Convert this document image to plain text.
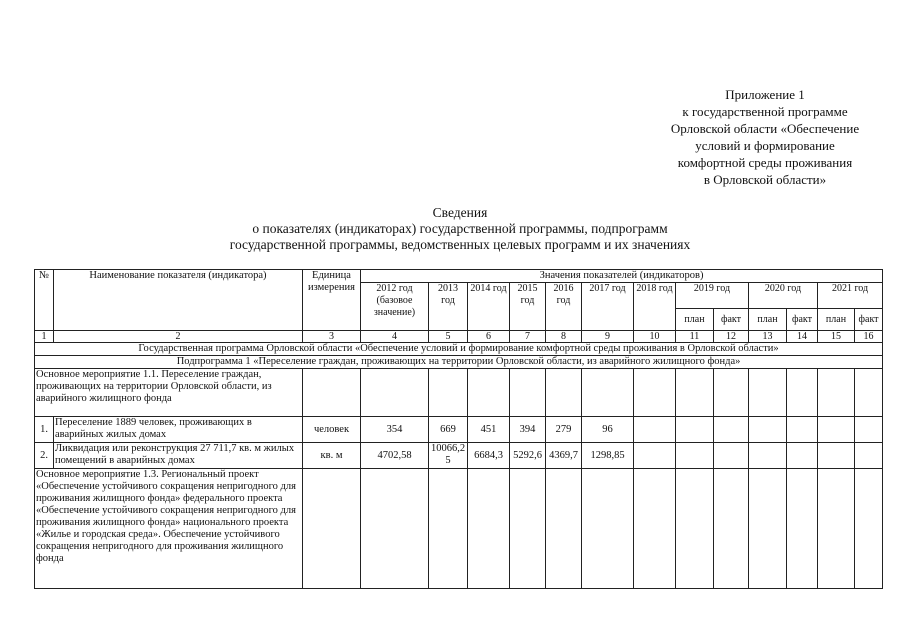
Приложение 1
к государственной программе
Орловской области «Обеспечение
условий и формирование
комфортной среды проживания
в Орловской области»
Сведения
о показателях (индикаторах) государственной программы, подпрограмм
государственной программы, ведомственных целевых программ и их значениях
№	Наименование показателя (индикатора)	Единица измерения	Значения показателей (индикаторов)												
			2012 год (базовое значение)	2013 год	2014 год	2015 год	2016 год	2017 год	2018 год	2019 год		2020 год		2021 год	
										план	факт	план	факт	план	факт
1	2	3	4	5	6	7	8	9	10	11	12	13	14	15	16
Государственная программа Орловской области «Обеспечение условий и формирование комфортной среды проживания в Орловской области»															
Подпрограмма 1 «Переселение граждан, проживающих на территории Орловской области, из аварийного жилищного фонда»															
Основное мероприятие 1.1. Переселение граждан, проживающих на территории Орловской области, из аварийного жилищного фонда															
1.	Переселение 1889 человек, проживающих в аварийных жилых домах	человек	354	669	451	394	279	96							
2.	Ликвидация или реконструкция 27 711,7 кв. м жилых помещений в аварийных домах	кв. м	4702,58	10066,25	6684,3	5292,6	4369,7	1298,85							
Основное мероприятие 1.3. Региональный проект «Обеспечение устойчивого сокращения непригодного для проживания жилищного фонда» федерального проекта «Обеспечение устойчивого сокращения непригодного для проживания жилищного фонда» национального проекта «Жилье и городская среда». Обеспечение устойчивого сокращения непригодного для проживания жилищного фонда															
